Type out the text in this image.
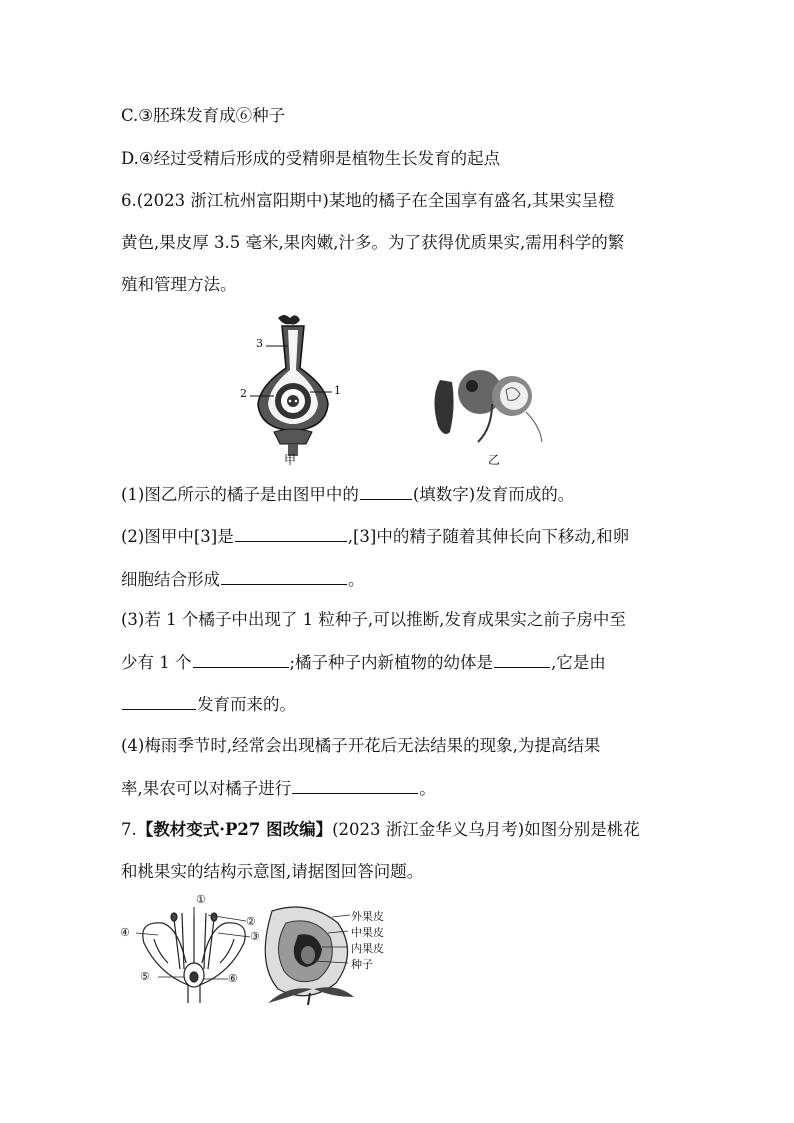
C.③胚珠发育成⑥种子
D.④经过受精后形成的受精卵是植物生长发育的起点
6.(2023 浙江杭州富阳期中)某地的橘子在全国享有盛名,其果实呈橙
黄色,果皮厚 3.5 毫米,果肉嫩,汁多。为了获得优质果实,需用科学的繁
殖和管理方法。
3
2	1
甲	乙
(1)图乙所示的橘子是由图甲中的	(填数字)发育而成的。
(2)图甲中[3]是	,[3]中的精子随着其伸长向下移动,和卵
细胞结合形成	。
(3)若 1 个橘子中出现了 1 粒种子,可以推断,发育成果实之前子房中至
少有 1 个	;橘子种子内新植物的幼体是	,它是由
发育而来的。
(4)梅雨季节时,经常会出现橘子开花后无法结果的现象,为提高结果
率,果农可以对橘子进行	。
7.【教材变式·P27 图改编】(2023 浙江金华义乌月考)如图分别是桃花
和桃果实的结构示意图,请据图回答问题。
①
②
③
④
⑤	⑥
外果皮
中果皮
内果皮
种子
